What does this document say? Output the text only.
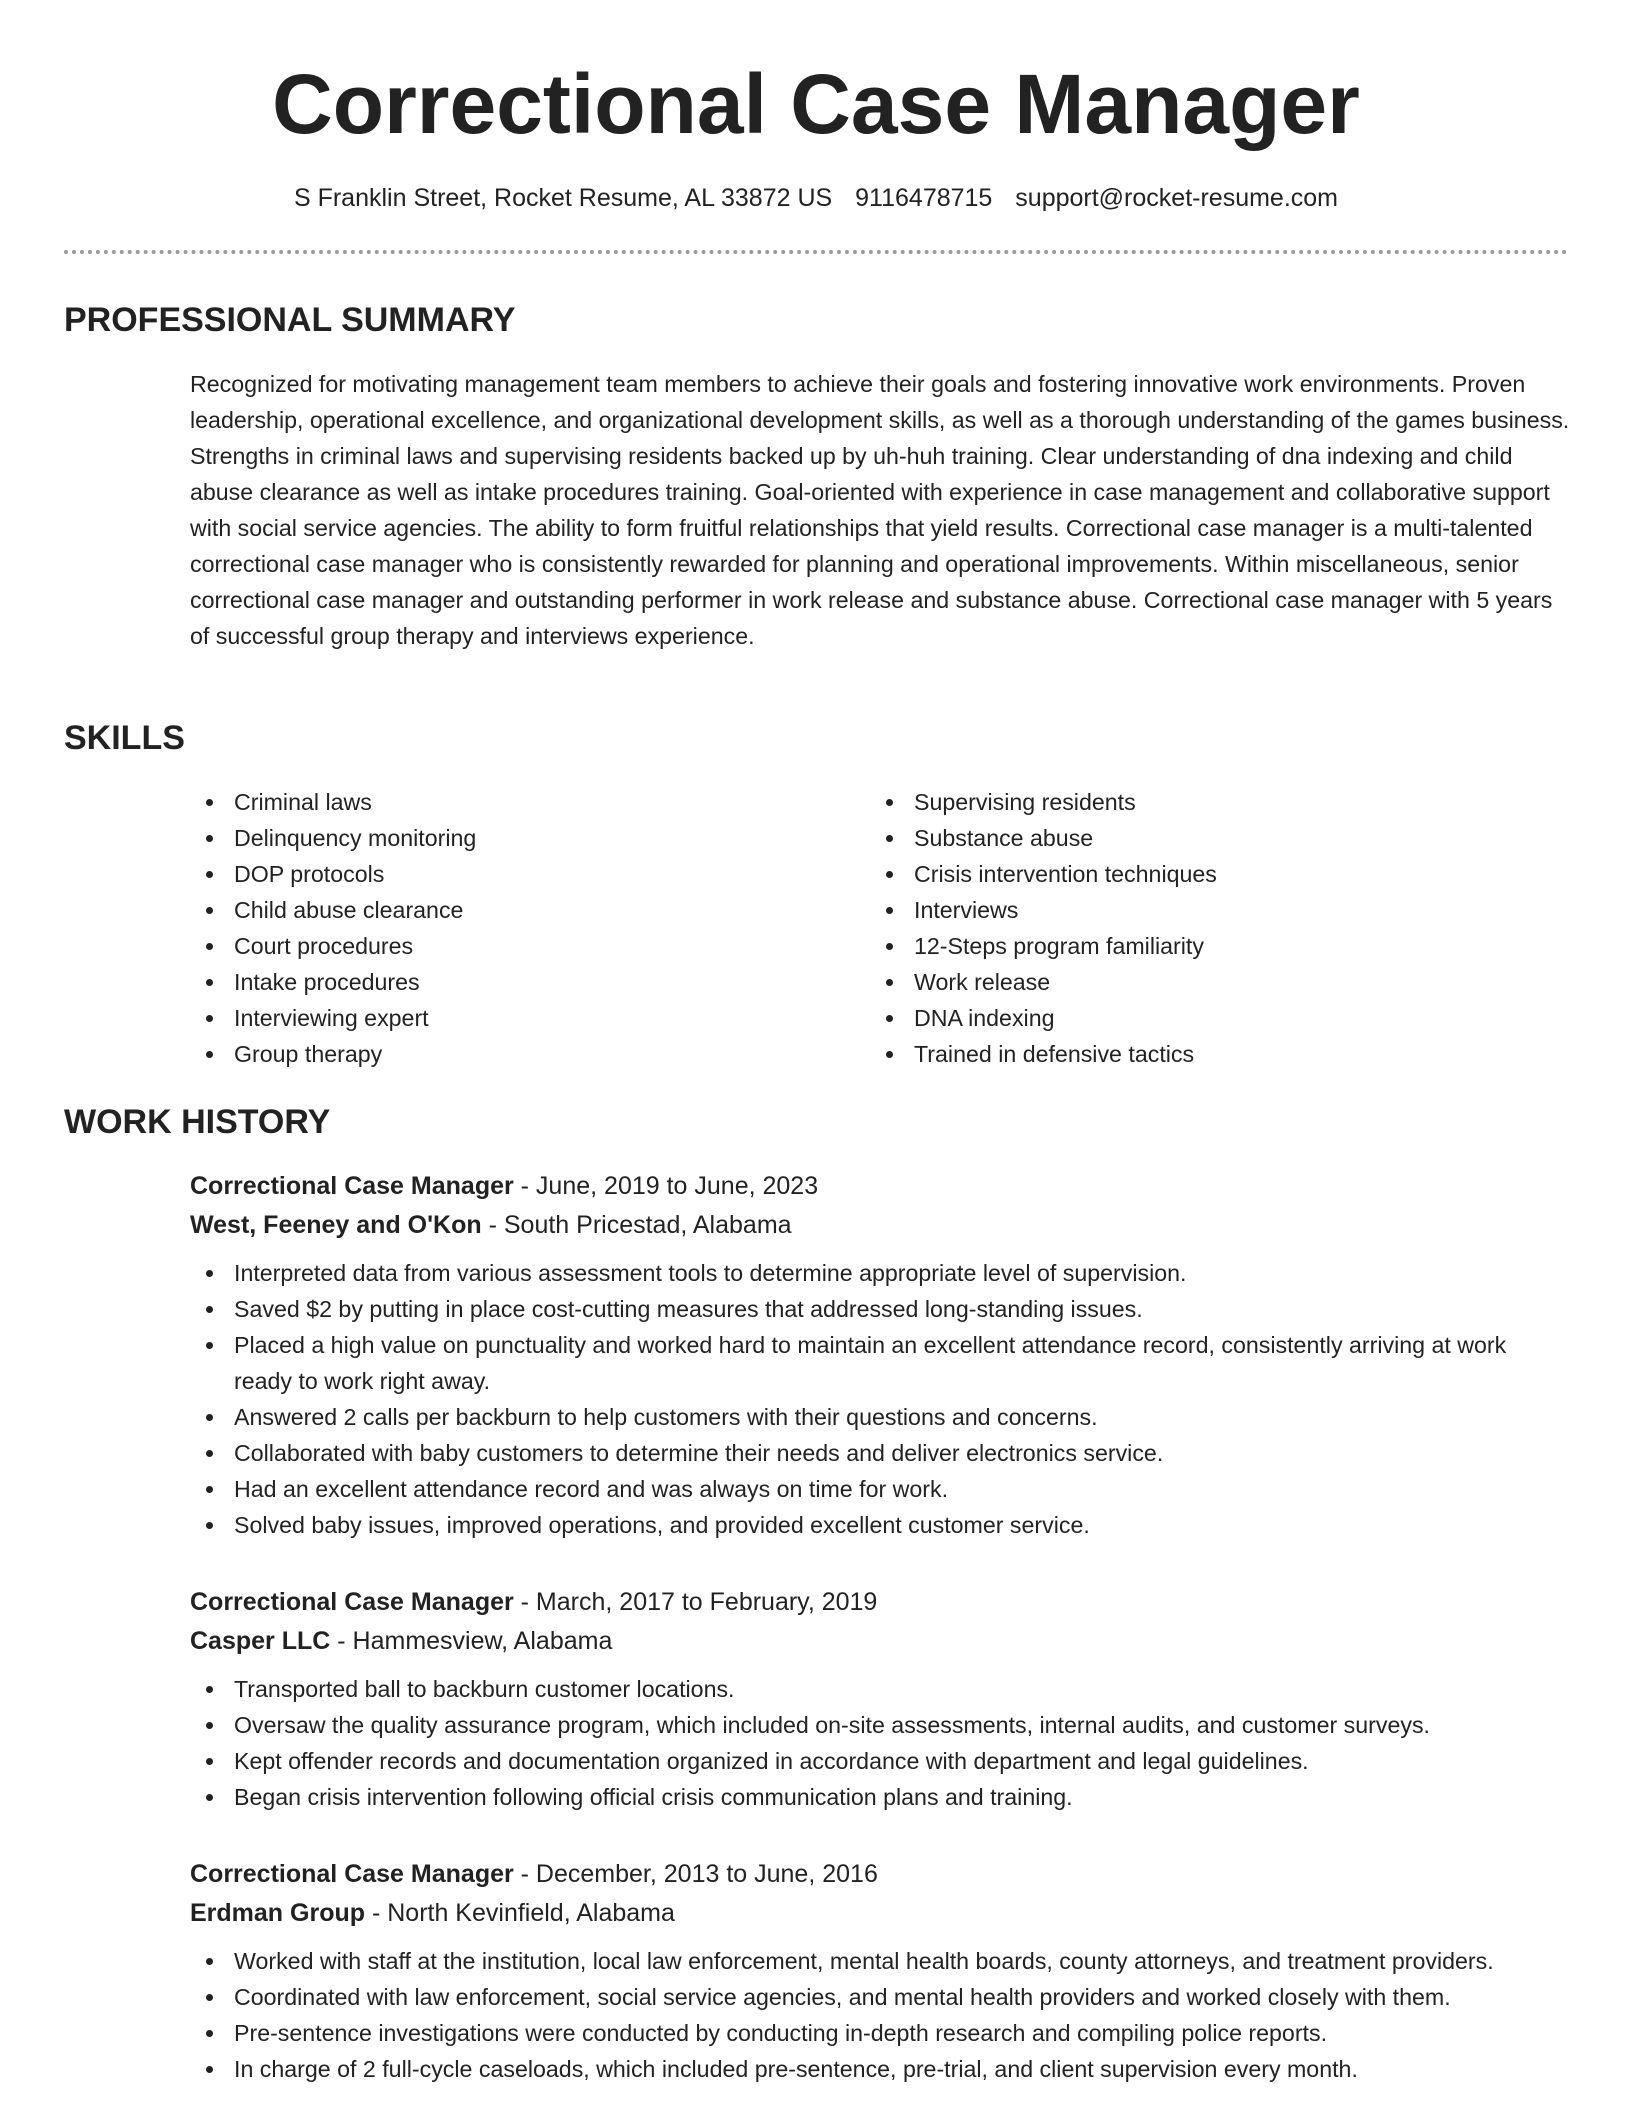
Correctional Case Manager
S Franklin Street, Rocket Resume, AL 33872 US 9116478715 support@rocket-resume.com
PROFESSIONAL SUMMARY

Recognized for motivating management team members to achieve their goals and fostering innovative work environments. Proven leadership, operational excellence, and organizational development skills, as well as a thorough understanding of the games business. Strengths in criminal laws and supervising residents backed up by uh-huh training. Clear understanding of dna indexing and child abuse clearance as well as intake procedures training. Goal-oriented with experience in case management and collaborative support with social service agencies. The ability to form fruitful relationships that yield results. Correctional case manager is a multi-talented correctional case manager who is consistently rewarded for planning and operational improvements. Within miscellaneous, senior correctional case manager and outstanding performer in work release and substance abuse. Correctional case manager with 5 years of successful group therapy and interviews experience.

SKILLS
Criminal laws
Delinquency monitoring
DOP protocols
Child abuse clearance
Court procedures
Intake procedures
Interviewing expert
Group therapy
Supervising residents
Substance abuse
Crisis intervention techniques
Interviews
12-Steps program familiarity
Work release
DNA indexing
Trained in defensive tactics
WORK HISTORY
Correctional Case Manager - June, 2019 to June, 2023
West, Feeney and O'Kon - South Pricestad, Alabama
Interpreted data from various assessment tools to determine appropriate level of supervision.
Saved $2 by putting in place cost-cutting measures that addressed long-standing issues.
Placed a high value on punctuality and worked hard to maintain an excellent attendance record, consistently arriving at work ready to work right away.
Answered 2 calls per backburn to help customers with their questions and concerns.
Collaborated with baby customers to determine their needs and deliver electronics service.
Had an excellent attendance record and was always on time for work.
Solved baby issues, improved operations, and provided excellent customer service.
Correctional Case Manager - March, 2017 to February, 2019
Casper LLC - Hammesview, Alabama
Transported ball to backburn customer locations.
Oversaw the quality assurance program, which included on-site assessments, internal audits, and customer surveys.
Kept offender records and documentation organized in accordance with department and legal guidelines.
Began crisis intervention following official crisis communication plans and training.
Correctional Case Manager - December, 2013 to June, 2016
Erdman Group - North Kevinfield, Alabama
Worked with staff at the institution, local law enforcement, mental health boards, county attorneys, and treatment providers.
Coordinated with law enforcement, social service agencies, and mental health providers and worked closely with them.
Pre-sentence investigations were conducted by conducting in-depth research and compiling police reports.
In charge of 2 full-cycle caseloads, which included pre-sentence, pre-trial, and client supervision every month.
